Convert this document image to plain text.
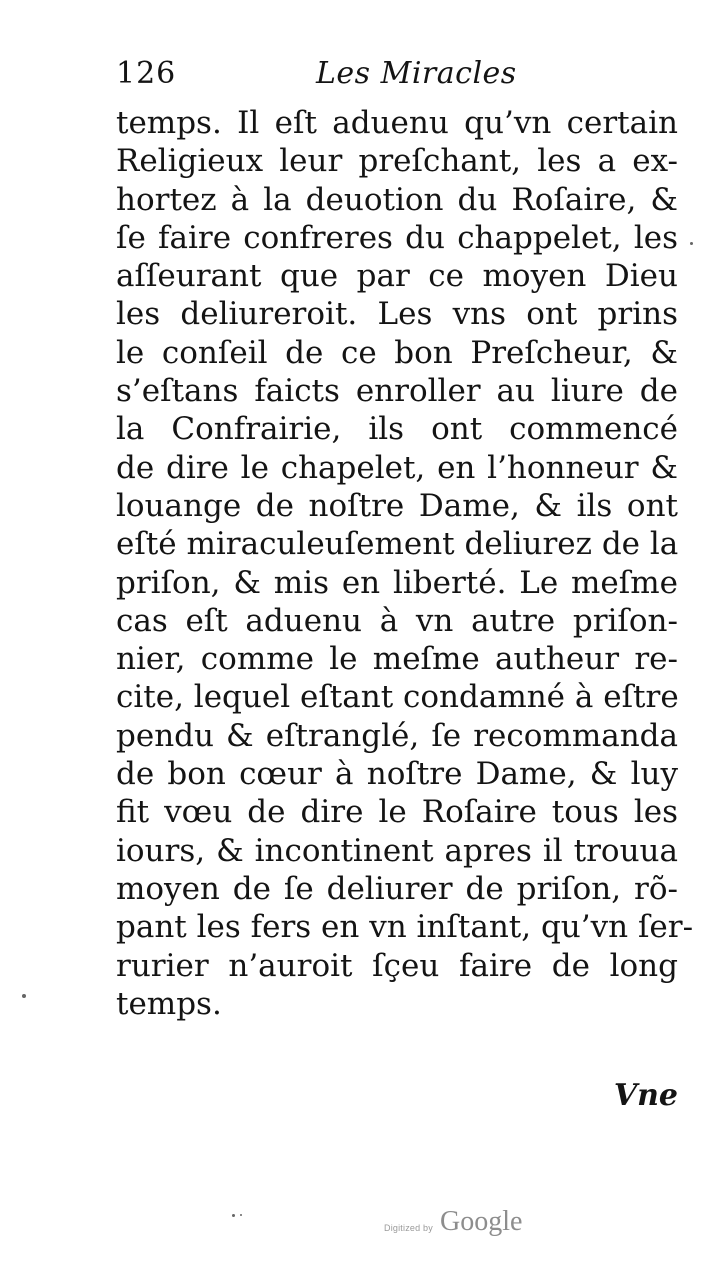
126	Les Miracles
temps. Il eſt aduenu qu’vn certain
Religieux leur preſchant, les a ex-
hortez à la deuotion du Roſaire, &
ſe faire confreres du chappelet, les
aſſeurant que par ce moyen Dieu
les deliureroit. Les vns ont prins
le conſeil de ce bon Preſcheur, &
s’eſtans faicts enroller au liure de
la Confrairie, ils ont commencé
de dire le chapelet, en l’honneur &
louange de noſtre Dame, & ils ont
eſté miraculeuſement deliurez de la
priſon, & mis en liberté. Le meſme
cas eſt aduenu à vn autre priſon-
nier, comme le meſme autheur re-
cite, lequel eſtant condamné à eſtre
pendu & eſtranglé, ſe recommanda
de bon cœur à noſtre Dame, & luy
fit vœu de dire le Roſaire tous les
iours, & incontinent apres il trouua
moyen de ſe deliurer de priſon, rõ-
pant les fers en vn inſtant, qu’vn ſer-
rurier n’auroit ſçeu faire de long
temps.
Vne
Digitized by Google
